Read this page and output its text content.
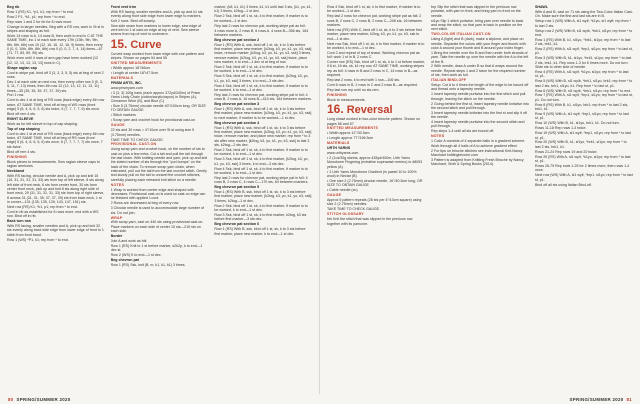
Beg rib

Row 1 (RS) K1, *p1, k1; rep from * to end.

Row 2 P1, *k1, p1; rep from * to end.

Rep rows 1 and 2 for rib for 8 rows more.

Change to larger needles. Beg with a RS row, work in St st in stripes and shaping as foll:

Work 14 rows in A, 14 rows B, then work to end in C AT THE SAME TIME, inc 1 st each side every 17th (13th, 9th, 9th, 8th, 6th, 6th) row 10 (12, 16, 16, 12, 16, 9) times, then every 0 (0, 0, 10th, 8th, 8th, 6th) row 0 (0, 0, 2, 7, 4, 14) times—67 (71, 77, 83, 89, 95) sts.

Work even until 4 rows of arm gap have been worked (12 [12, 12, 13, 13, 13, 13] rows in C).

Shape raglan cap

Cont in stripe pat, bind off 3 (3, 3, 3, 5, 5) sts at beg of next 2 rows.

Dec 1 st each side on next row, then every other row 0 (0, 3, 5, 11, 7, 13) times, then 4th row 12 (12, 13, 12, 11, 13, 11) times—35 (35, 35, 39, 37, 37, 39) sts.

Purl 1 row.

Cont to dec 1 st at beg of RS rows (back edge) every 4th row twice, AT SAME TIME, bind off at beg of WS rows (front edge) 5 (6, 4, 6, 6, 5, 6) sts twice, 6 (7, 7, 7, 7, 6) sts once.

Bind off rem 4 sts.

RIGHT SLEEVE

Work as for left sleeve to top of cap shaping.

Top of cap shaping

Cont to dec 1 st at end of RS rows (back edge) every 4th row twice, AT SAME TIME, bind off at beg of RS rows (front edge) 5 (6, 4, 6, 6, 5, 6) sts once, 6 (7, 7, 7, 7, 7) sts once, 7 sts twice.

Bind off rem 4 sts.

FINISHING

Block pieces to measurements. Sew raglan sleeve caps to raglan armholes.

Neckband

With RS facing, circular needle and A, pick up and knit 15 (16, 31, 31, 31, 31, 33) sts from top of left sleeve, 8 sts along left side of front neck, 6 sts from center front, 30 sts from center front neck, pick up and knit 8 sts along right side of front neck, 29 (31, 31, 31, 31, 33) sts from top of right sleeve, 8 across 31 (31, 31, 35, 37, 37, 39) sts from back neck, 1 st in corner—131 (135, 135, 139, 143, 147, 151) sts.

Next row (RS) K1, *k1, p1; rep from * to end.

Cont in rib as established for 6 rows more, end with a WS row. Bind off in rib.

Back turn row

With RS facing, smaller needles and A, pick up and knit 32 sts evenly along back side edge from lower edge of front to 1 stitch from front band.

Row 1 (WS) *P1, k1; rep from * to end.

Front vent trim

With RS facing, smaller needles and A, pick up and k1 sts evenly along front side edge from lower edge to markers. Knit 2 rows. Bind off loosely.

Sew side seam from markers to lower edge, sew edge of vent trim to 1 st cast-on edge at top of vent. Sew sleeve seams from top of vent to underarm.

15. Curve

Curved wrap worked from lower edge with one pattern and stripes. Shown on pages 54 and 55

KNITTED MEASUREMENTS

• Width approx 18"/46cm

• Length at center 18"/47.5cm

MATERIALS

PRISM ARTS, INC.

www.prismyarn.com

• 3 (3, 3) 100g hank (each approx 372yd/340m) of Prism Yarns Lindy Chain (cotton/acrylic/rayon) in Stripes (A), Cinnamon Wine (B), and Blue (C)

• Size 5 (3.75mm) circular needle 40"/100cm long, OR SIZE TO OBTAIN GAUGE

• Stitch markers

• Scrap yarn and crochet hook for provisional cast-on

GAUGE

22 sts and 30 rows = 4"/10cm over St st using size 5 (3.75mm) needles.

TAKE TIME TO CHECK GAUGE.

PROVISIONAL CAST-ON

Using scrap yarn and crochet hook, ch the number of sts to cast on plus a few extra. Cut a tail and pull the tail through the last chain. With knitting needle and yarn, pick up and knit the stated number of sts through the "purl bumps" on the back of the chain. To remove scrap yarn chain, when instructed, pull out the tail from the last crochet stitch. Gently and slowly pull on the tail to unravel the crochet stitches, carefully placing each released knit stitch on a needle.

NOTES

1 Wrap is worked from center edge and shaped with decreases. Provisional cast-on is used so cast-on edge can be finished with applied I-cord.

2 Rows are decreased at beg of every row.

3 Circular needle is used to accommodate large number of sts. Do not join.

WRAP

With scrap yarn, cast on 440 sts using provisional cast-on. Place markers on each side of center 10 sts—215 sts on each side.

Border

Join A and work as foll:

Row 1 (RS) Knit to 1 st before marker, s2k2p, k to end—1 dec st.

Row 2 (WS) K to end—1 st dec.

Beg chevron pat

Row 1 (RS) Ssk, knit (B, m, k1, k1, k1) 3 times.

marker, (k8, k1, k1) 3 times, k1, k1 until last 3 sts, (k1, yo, k1, k1) 3 times, k2tog—1 st dec.

Row 2 Ssk, bind off 1 st, sk, k to first marker, if marker is to be worked—1 st dec.

Rep last 2 rows for chevron pat, working stripe pat as foll:

4 rows more A, 2 rows B, 6 rows A, 4 rows B—356 sts, 184 between markers.

Beg chevron pat section 2

Row 1 (RS) With A, ssk, bind off 1 st, sk, k to 3 sts before first marker, place new marker, [k2tog, k3, yo, k1, yo, k3, ssk] twice, remove marker, [k2tog, k3, yo, k1, yo, k3, ssk] 3 times, remove marker, [k2tog, k3, yo, k1, yo, k3, ssk] twice, place new marker, k to end—1 dec st at beg of row.

Row 2 Ssk, bind off 1 st, sk, k to first marker, if marker is to be worked, k to end—1 st dec.

Row 3 Ssk, bind off 1 st, sk, k to first marker, [k2tog, k3, yo, k1, yo, k3, ssk] 3 times, k to end—3 sts dec.

Row 4 Ssk, bind off 1 st, sk, k to first marker, if marker is to be worked, k to end—1 st dec.

Rep last 2 rows for chevron pat, working stripe pat in foll: 4 rows B, 2 rows A, 16 rows B—414 sts, 164 between markers.

Beg chevron pat section 3

Row 1 (RS) With A, ssk, bind off 1 st, sk, k to 3 sts before first marker, place new marker, [k2tog, k3, yo, k1, yo, k3, ssk] to next marker, if marker is to be worked—1 st dec.

Beg chevron pat section 4

Row 1 (RS) With A, ssk, bind off 1 st, sk, k to 3 sts before first marker, place new marker, [k2tog, k3, yo, k1, yo, k3, ssk] twice, remove marker, and place new marker, rep from * to 3 sts after new marker, [k2tog, k3, yo, k1, yo, k3, ssk] to last 3 sts, k2tog—2 sts dec.

Row 2 Ssk, bind off 1 st, sk, k to first marker, if marker is to be worked, k to end—1 st dec.

Row 3 Ssk, bind off 1 st, sk, k to first marker, [k2tog, k3, yo, k1, yo, k3, ssk] 3 times, k to end—3 sts dec.

Row 4 Ssk, bind off 1 st, sk, k to first marker, if marker is to be worked, k to end—1 st dec.

Rep last 2 rows for chevron pat, working stripe pat in foll: 4 rows B, 2 rows C, 4 rows C—170 sts, 64 between markers.

Beg chevron pat section 5

Row 1 (RS) With B, ssk, bind off 1 st, sk, k to 3 sts before first marker, place new marker, [k2tog, k3, yo, k1, yo, k3, ssk] 3 times, k2tog—1 st dec.

Row 2 Ssk, bind off 1 st, sk, k to first marker, if marker is to be worked, k to end—1 st dec.

Row 3 Ssk, bind off 1 st, sk, k to first marker, k2tog, k3 sts before first marker—3 sts dec.

Beg chevron pat section 6

Row 1 (RS) With B, ssk, bind off 1 st, sk, k to 3 sts before first marker, place new marker, k to end—1 st dec.

Row 4 Ssk, bind off 1 st, sk, k to first marker, if marker is to be worked—1 st dec.

Rep last 2 rows for chevron pat, working stripe pat as foll: 2 rows B, 2 rows C, 2 rows B, 2 rows C—208 sts, 16 between markers.

Next row (RS) With C, bind off 1 st, sk, k to 3 sts before first marker, place new marker, k2tog, k3, yo, k1, yo, k3, ssk to end—1 st dec.

Next row Ssk, bind off 1 st, sk, k to first marker, if marker is to be worked, k to end—1 st dec.

Cont 2 and repeat of top of shawl. Working chevron pat as foll: work 1 st in B, 2 rows C.

Corner row (RS) Ssk, bind off 1 st, sk, k to 1 st before marker, if 8 st, 16 sts, sk, k1 rep row, AT SAME TIME, working stripes rep as foll: 4 rows in B and 2 rows in C, 14 rows in B—as required.

Rep last 2 rows, k to end with 1 row—106 sts.

Cont 6 rows in B, 2 rows in C and 2 rows B—as required.

Rep last row rep until no sts rem.

FINISHING

Block to measurements.

16. Reversal

Long shawl worked in two-color brioche pattern. Shown on pages 56 and 57

KNITTED MEASUREMENTS

• Width approx 12"/30.5cm

• Length approx 77"/196.5cm

MATERIALS

URTH YARNS

www.urthyarns.com

• 2 (1oz/30g skeins, approx 435yd/400m, Urth Yarns Monokrom Fingering (extrafine superwash merino) in #8053 yellow (A)

• 1 Urth Yarns Monokrom Gradient (in pastel 10 to 100% wool) in Nectar (B)

• One size 2 (2.75mm) circular needle, 16"/40.5cm long, OR SIZE TO OBTAIN GAUGE

• Cable needle (cn)

GAUGE

Approx 5 pattern repeats (28 sts per 4"/10cm square) using size 2 (2.75mm) needles.

TAKE TIME TO CHECK GAUGE.

STITCH GLOSSARY

brk Knit the stitch that was slipped in the previous row together with its yarnover.

brp Slip the stitch that was slipped in the previous row purlwise, with yarn in front, and bring yarn to front on the needle.

sl1yo Slip 1 stitch purlwise, bring yarn over needle to back and wrap the stitch, so that yarn is back in position on the next stitch.

TWO-COLOR ITALIAN CAST-ON

Using A (light) and B (dark), make a slipknot, and place on needle. Separate the colors with your finger and thumb with color A around your thumb and B around your index finger.

1 Bring the needle over the B and then under both strands of yarn. Take the needle up over the needle with the A to the left of the B.

2 With needle, draw A under B so that A wraps around the needle. Repeat steps 1 and 2 twice for the required number of sts, then work as foll.

ITALIAN BIND-OFF

Setup: Cut A to 4 times the length of the edge to be bound off and thread onto a tapestry needle.

1 Insert tapestry needle purlwise into the first stitch and pull through, leaving the stitch on the needle.

2 Going behind the first st, insert tapestry needle knitwise into the second stitch and pull through.

3 Insert tapestry needle knitwise into the first st and slip it off the needle.

4 Insert tapestry needle purlwise into the second stitch and pull through.

Rep steps 1-4 until all sts are bound off.

NOTES

1 Color A consists of 4 separate balls in a gradient scheme. Work through all 4 balls of A to achieve gradient effect.

2 For tips on brioche stitches see instructional Knit-Nancy Marchant knittingbrioche.com

3 Pattern is adapted from Knitting Fresh Brioche by Nancy Marchant, Sixth & Spring Books (2014).

SHAWL

With A and B, cast on 71 sts using the Two-Color Italian Cast-On. Make sure the first and last sts are in B.

Setup row 1 (WS) With A, sl1 wyif, *k1yo, sl1 wyif; rep from * to last 2 sts.

Setup row 2 (WS) With B, sl1 wyib, *brk1, sl1yo; rep from * to end.

Row 1 (RS) With B, k1, sl1yo, *brk1, sl1yo; rep from * to last 2 sts, brk1, k1.

Row 2 (RS) With A, sl1 wyif, *brp1, sl1yo; rep from * to last st, p1.

Row 3 (WS) With B, k1, sl1yo, *brk1, sl1yo; rep from * to last 2 sts, brk1, k1. Rep rows 1-3 for 6 times more. Do not turn. Slide sts to other side of needle.

Row 4 (RS) With A, sl1 wyif, *k1yo, sl1yo; rep from * to last st, p1.

Row 5 (WS) With B, sl1 wyib, *brk1, sl1yo, brk1; rep from * to last 2 sts, brk1, sl1yo, k1. Rep from * to last st, p1.

Row 6 (WS) With B, sl1 wyib, *brk1, sl1yo; rep from * to end.

Row 7 (RS) With A, sl1 wyif, *brp1, sl1yo; rep from * to last st, p1. Do not turn.

Row 8 (RS) With B, k1, sl1yo, brk1; rep from * to last 2 sts, brk1, k1.

Row 9 (WS) With A, sl1 wyif, *brp1, sl1yo; rep from * to last st, p1.

Row 10 (WS) With B, k1, sl1yo, brk1, k1. Do not turn.

Rows 11-18 Rep rows 1-3 twice.

Row 19 (WS) With A, sl1 wyif, *brp1, sl1yo; rep from * to last st, p1.

Row 20 (WS) With B, k1, sl1yo, *brk1, sl1yo; rep from * to last 2 sts, brk1, k1.

Rows 21-24 Rep rows 19 and 20 twice.

Row 25 (RS) With A, sl1 wyif, *k1yo, sl1yo; rep from * to last st, p1.

Rows 26-79 Rep rows 1-25 for 2 times more, then rows 1-4 once.

Next row (WS) With A, sl1 wyif, *brp1, sl1yo; rep from * to last st, p1.

Bind off all sts using Italian Bind-off.

80 SPRING/SUMMER 2020	SPRING/SUMMER 2020 81
